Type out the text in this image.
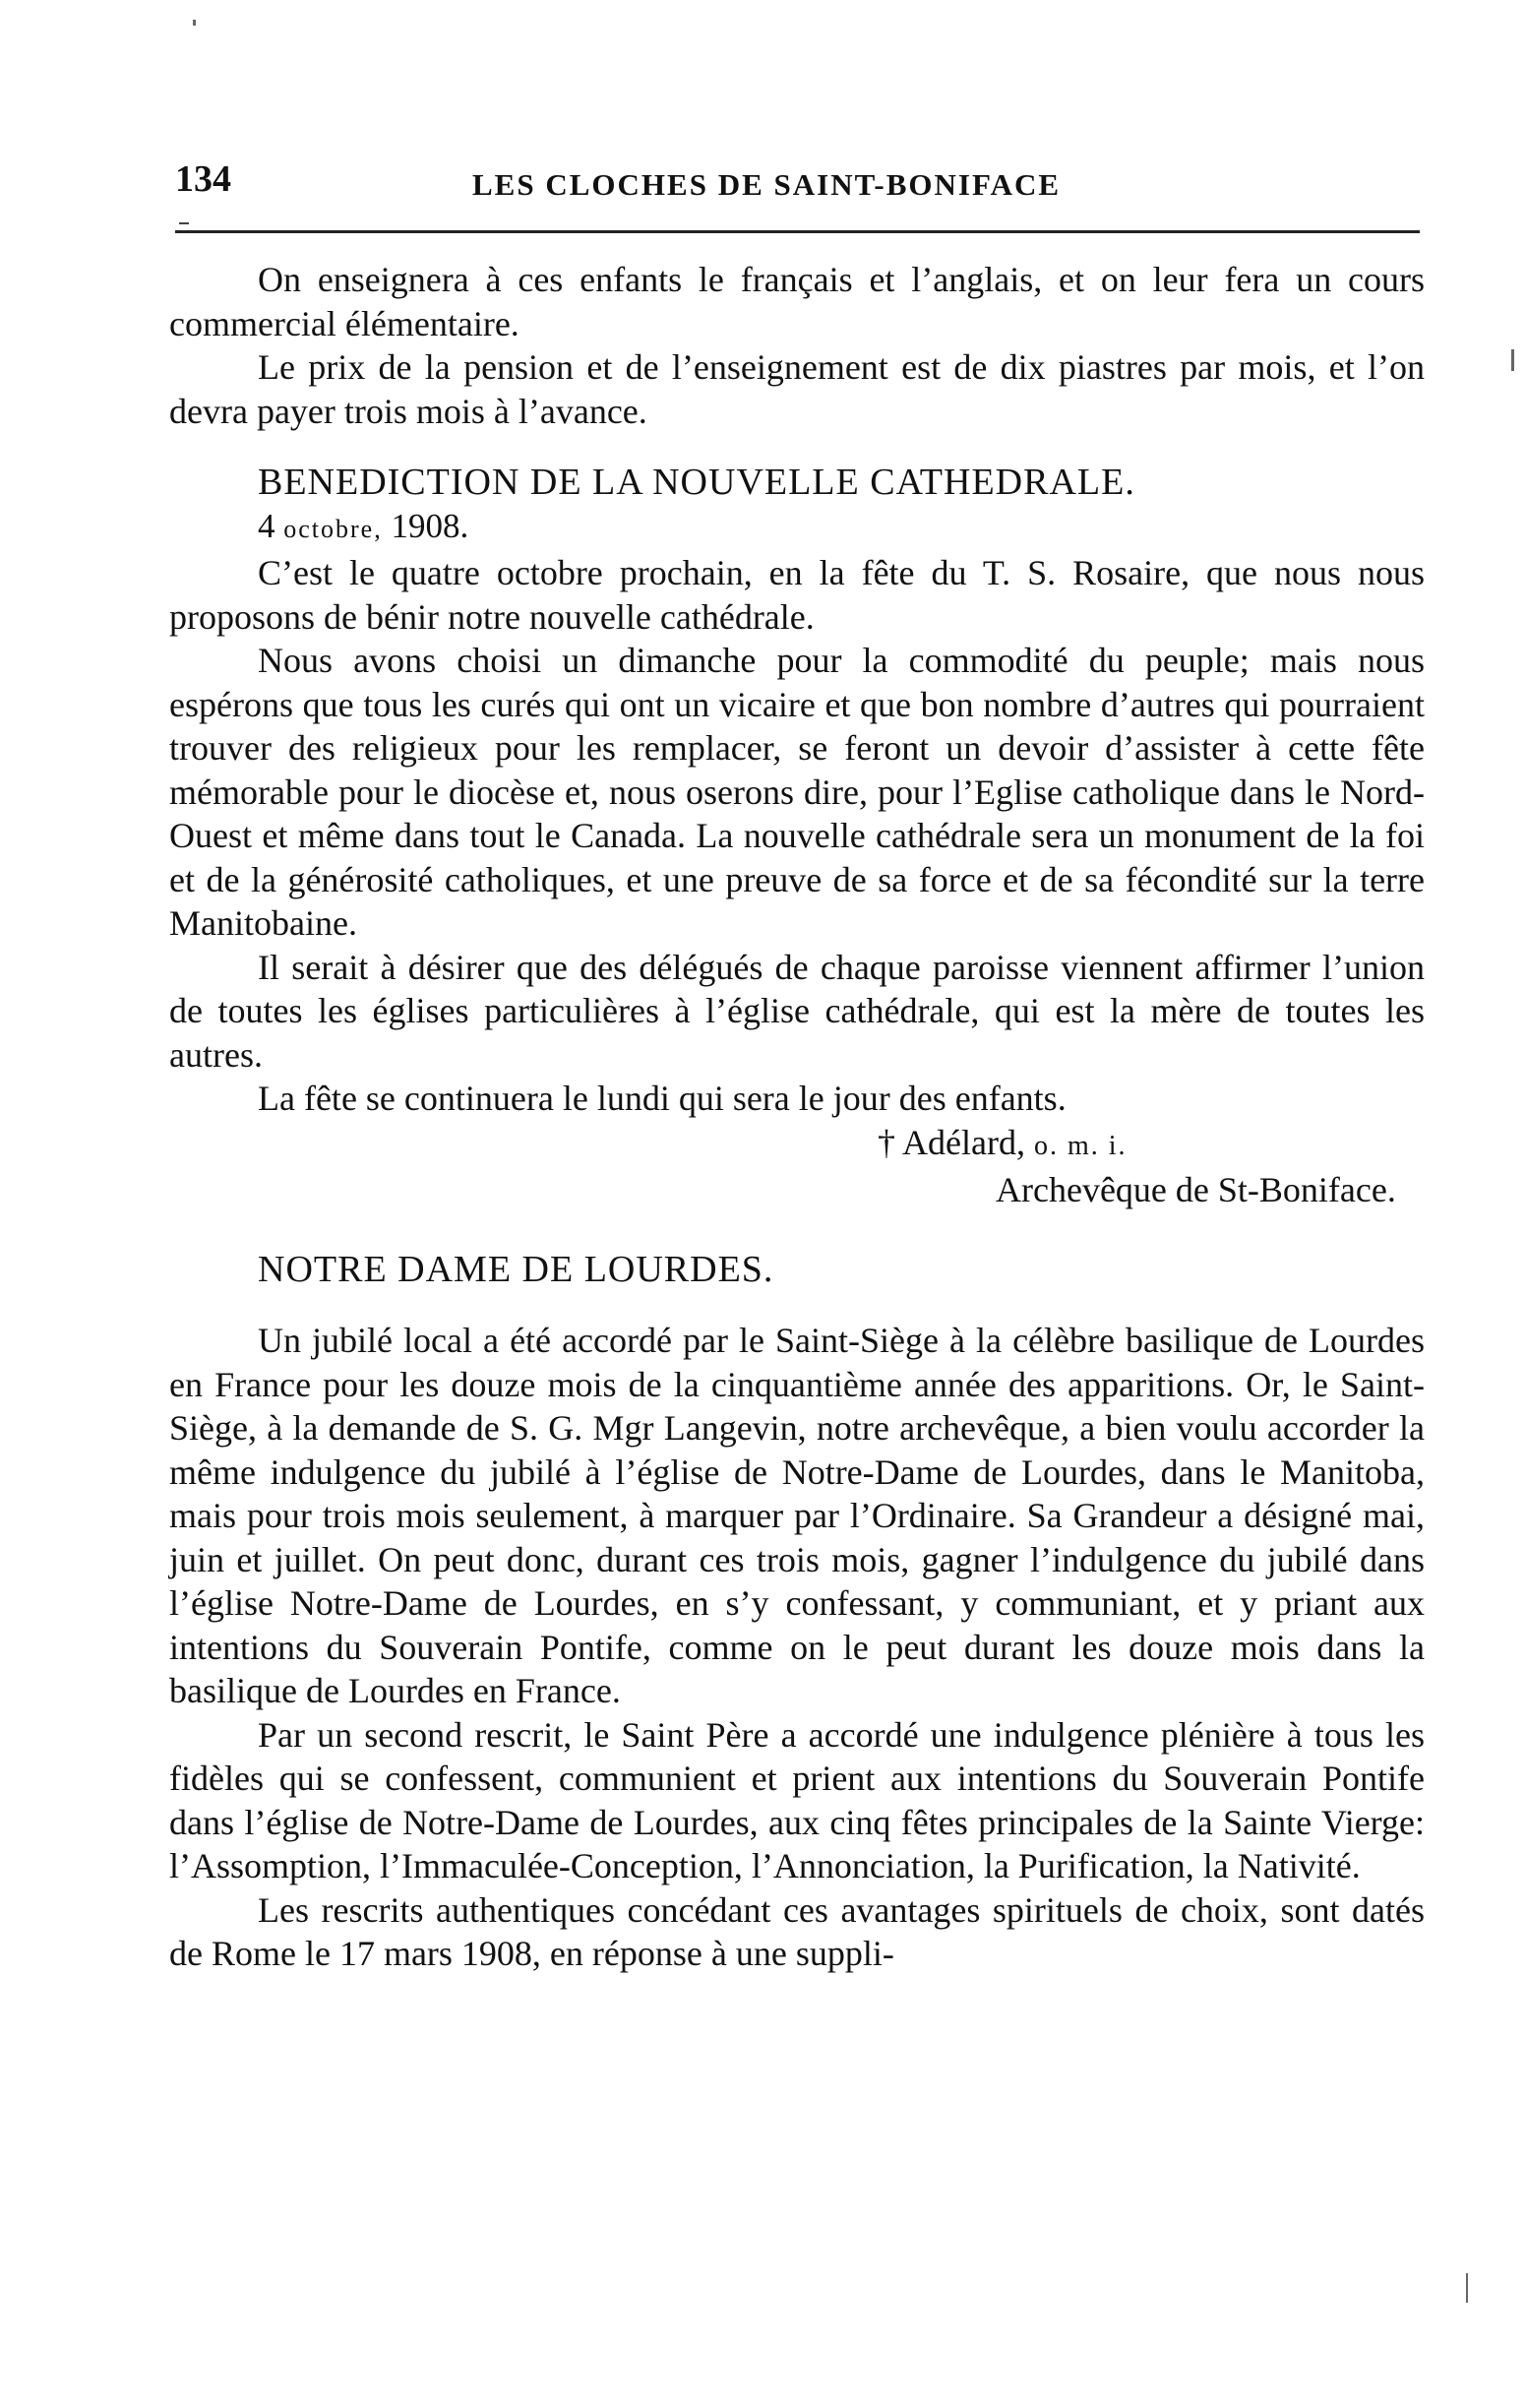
134	LES CLOCHES DE SAINT-BONIFACE

On enseignera à ces enfants le français et l’anglais, et on leur fera un cours commercial élémentaire.

Le prix de la pension et de l’enseignement est de dix piastres par mois, et l’on devra payer trois mois à l’avance.

BENEDICTION DE LA NOUVELLE CATHEDRALE.

4 octobre, 1908.

C’est le quatre octobre prochain, en la fête du T. S. Rosaire, que nous nous proposons de bénir notre nouvelle cathédrale.

Nous avons choisi un dimanche pour la commodité du peuple; mais nous espérons que tous les curés qui ont un vicaire et que bon nombre d’autres qui pourraient trouver des religieux pour les remplacer, se feront un devoir d’assister à cette fête mémorable pour le diocèse et, nous oserons dire, pour l’Eglise catholique dans le Nord-Ouest et même dans tout le Canada. La nouvelle cathédrale sera un monument de la foi et de la générosité catholiques, et une preuve de sa force et de sa fécondité sur la terre Manitobaine.

Il serait à désirer que des délégués de chaque paroisse viennent affirmer l’union de toutes les églises particulières à l’église cathédrale, qui est la mère de toutes les autres.

La fête se continuera le lundi qui sera le jour des enfants.

† Adélard, o. m. i.

Archevêque de St-Boniface.

NOTRE DAME DE LOURDES.

Un jubilé local a été accordé par le Saint-Siège à la célèbre basilique de Lourdes en France pour les douze mois de la cinquantième année des apparitions. Or, le Saint-Siège, à la demande de S. G. Mgr Langevin, notre archevêque, a bien voulu accorder la même indulgence du jubilé à l’église de Notre-Dame de Lourdes, dans le Manitoba, mais pour trois mois seulement, à marquer par l’Ordinaire. Sa Grandeur a désigné mai, juin et juillet. On peut donc, durant ces trois mois, gagner l’indulgence du jubilé dans l’église Notre-Dame de Lourdes, en s’y confessant, y communiant, et y priant aux intentions du Souverain Pontife, comme on le peut durant les douze mois dans la basilique de Lourdes en France.

Par un second rescrit, le Saint Père a accordé une indulgence plénière à tous les fidèles qui se confessent, communient et prient aux intentions du Souverain Pontife dans l’église de Notre-Dame de Lourdes, aux cinq fêtes principales de la Sainte Vierge: l’Assomption, l’Immaculée-Conception, l’Annonciation, la Purification, la Nativité.

Les rescrits authentiques concédant ces avantages spirituels de choix, sont datés de Rome le 17 mars 1908, en réponse à une suppli-
